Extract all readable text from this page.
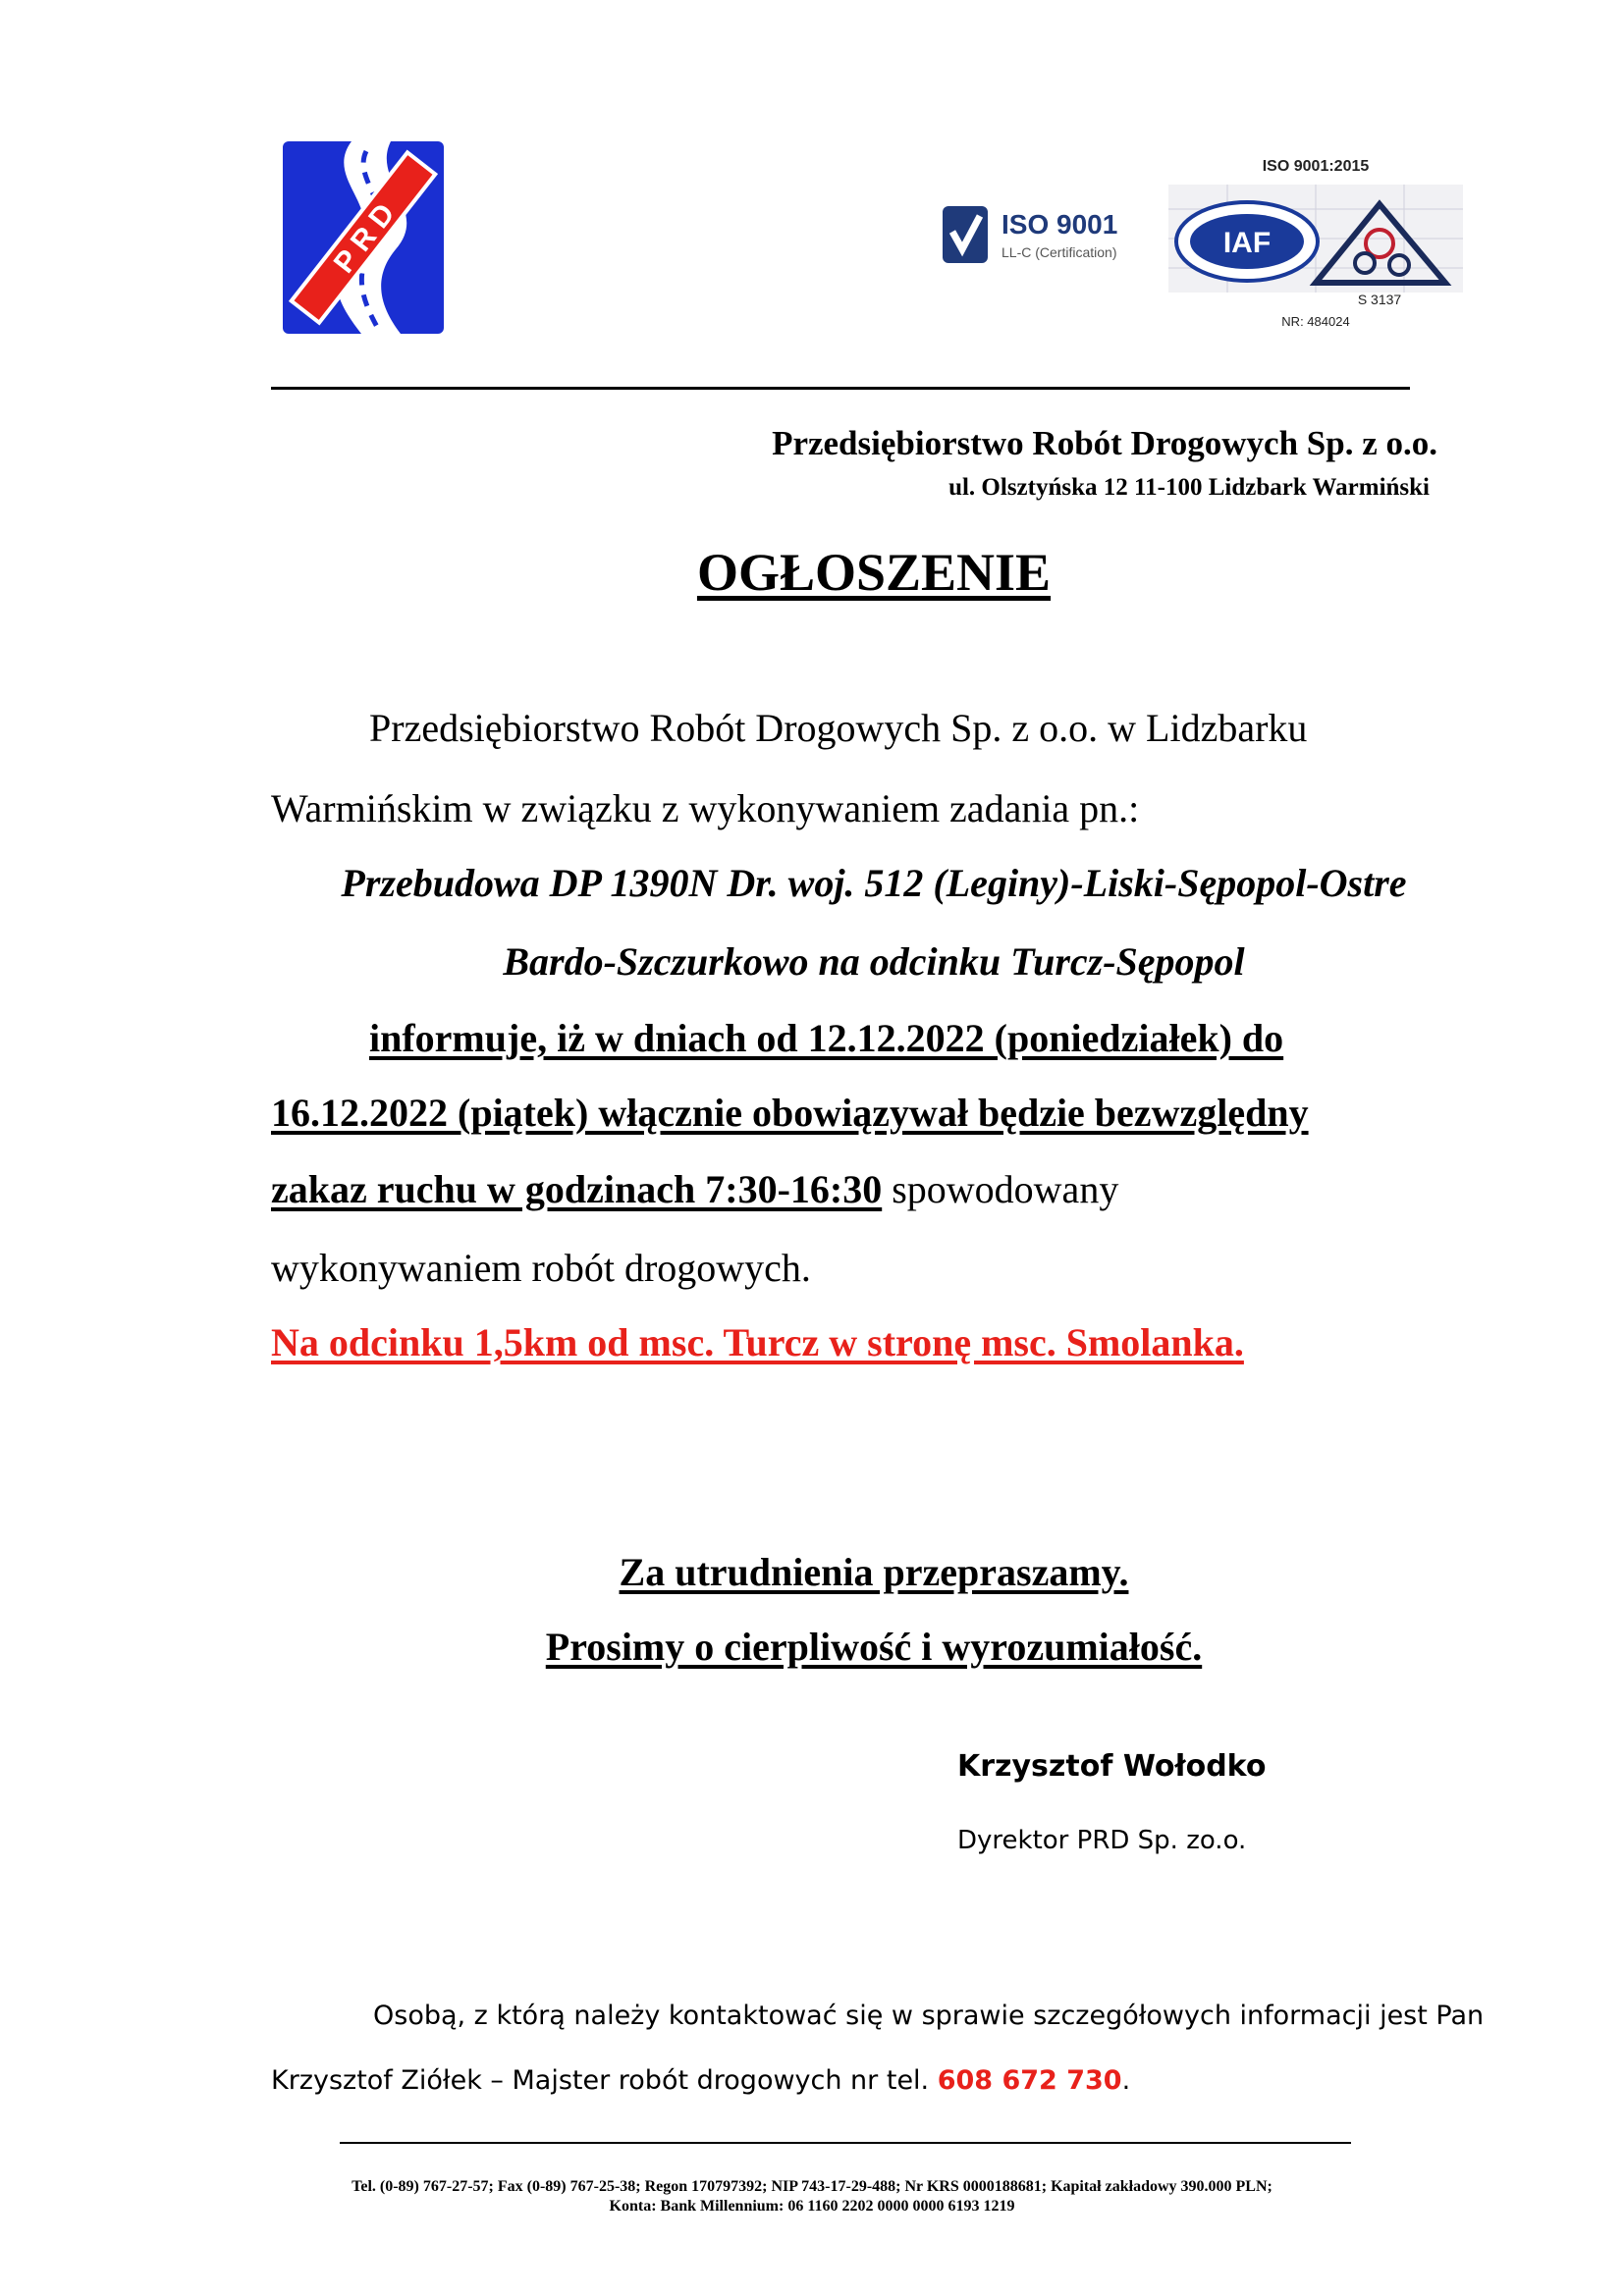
P R D	ISO 9001
LL-C (Certification)
ISO 9001:2015
IAF
S 3137
NR: 484024
Przedsiębiorstwo Robót Drogowych Sp. z o.o.
ul. Olsztyńska 12 11-100 Lidzbark Warmiński
OGŁOSZENIE
Przedsiębiorstwo Robót Drogowych Sp. z o.o. w Lidzbarku
Warmińskim w związku z wykonywaniem zadania pn.:
Przebudowa DP 1390N Dr. woj. 512 (Leginy)-Liski-Sępopol-Ostre
Bardo-Szczurkowo na odcinku Turcz-Sępopol
informuje, iż w dniach od 12.12.2022 (poniedziałek) do
16.12.2022 (piątek) włącznie obowiązywał będzie bezwzględny
zakaz ruchu w godzinach 7:30-16:30 spowodowany
wykonywaniem robót drogowych.
Na odcinku 1,5km od msc. Turcz w stronę msc. Smolanka.
Za utrudnienia przepraszamy.
Prosimy o cierpliwość i wyrozumiałość.
Krzysztof Wołodko
Dyrektor PRD Sp. zo.o.
Osobą, z którą należy kontaktować się w sprawie szczegółowych informacji jest Pan
Krzysztof Ziółek – Majster robót drogowych nr tel. 608 672 730.
Tel. (0-89) 767-27-57; Fax (0-89) 767-25-38; Regon 170797392; NIP 743-17-29-488; Nr KRS 0000188681; Kapitał zakładowy 390.000 PLN;
Konta: Bank Millennium: 06 1160 2202 0000 0000 6193 1219
